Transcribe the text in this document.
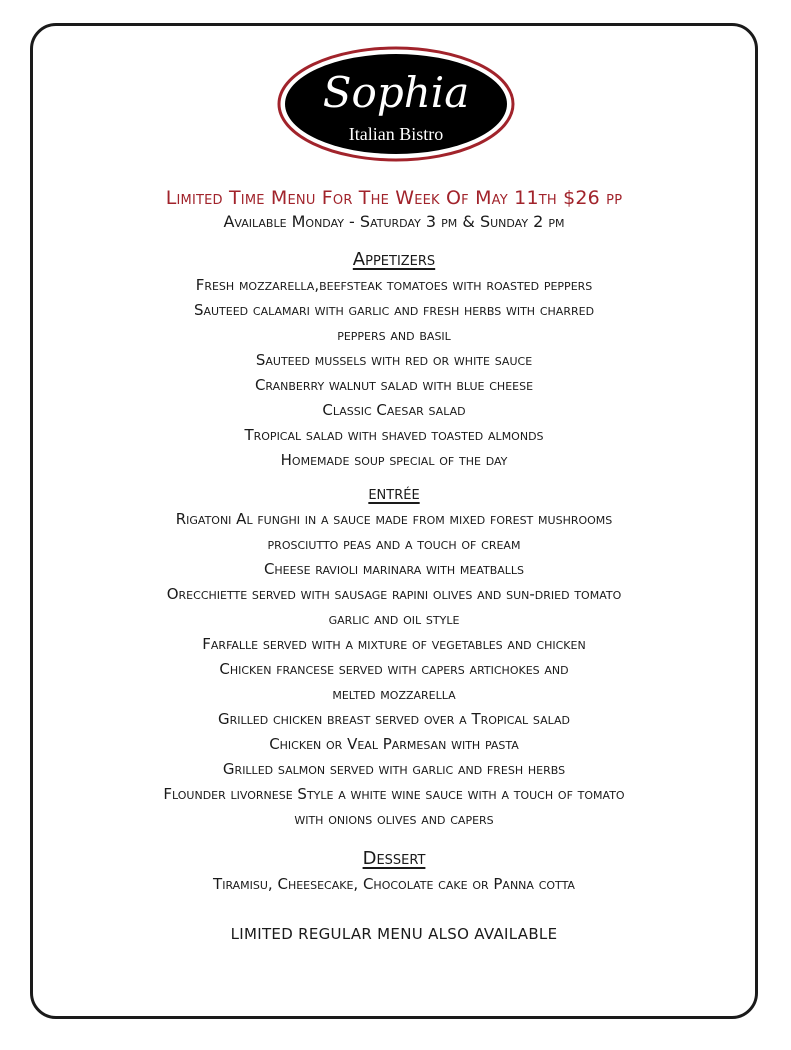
Sophia
Italian Bistro
Limited Time Menu For The Week Of May 11th $26 pp
Available Monday - Saturday 3 pm & Sunday 2 pm
Appetizers
Fresh mozzarella,beefsteak tomatoes with roasted peppers
Sauteed calamari with garlic and fresh herbs with charred
peppers and basil
Sauteed mussels with red or white sauce
Cranberry walnut salad with blue cheese
Classic Caesar salad
Tropical salad with shaved toasted almonds
Homemade soup special of the day
entrée
Rigatoni Al funghi in a sauce made from mixed forest mushrooms
prosciutto peas and a touch of cream
Cheese ravioli marinara with meatballs
Orecchiette served with sausage rapini olives and sun-dried tomato
garlic and oil style
Farfalle served with a mixture of vegetables and chicken
Chicken francese served with capers artichokes and
melted mozzarella
Grilled chicken breast served over a Tropical salad
Chicken or Veal Parmesan with pasta
Grilled salmon served with garlic and fresh herbs
Flounder livornese Style a white wine sauce with a touch of tomato
with onions olives and capers
Dessert
Tiramisu, Cheesecake, Chocolate cake or Panna cotta
LIMITED REGULAR MENU ALSO AVAILABLE
